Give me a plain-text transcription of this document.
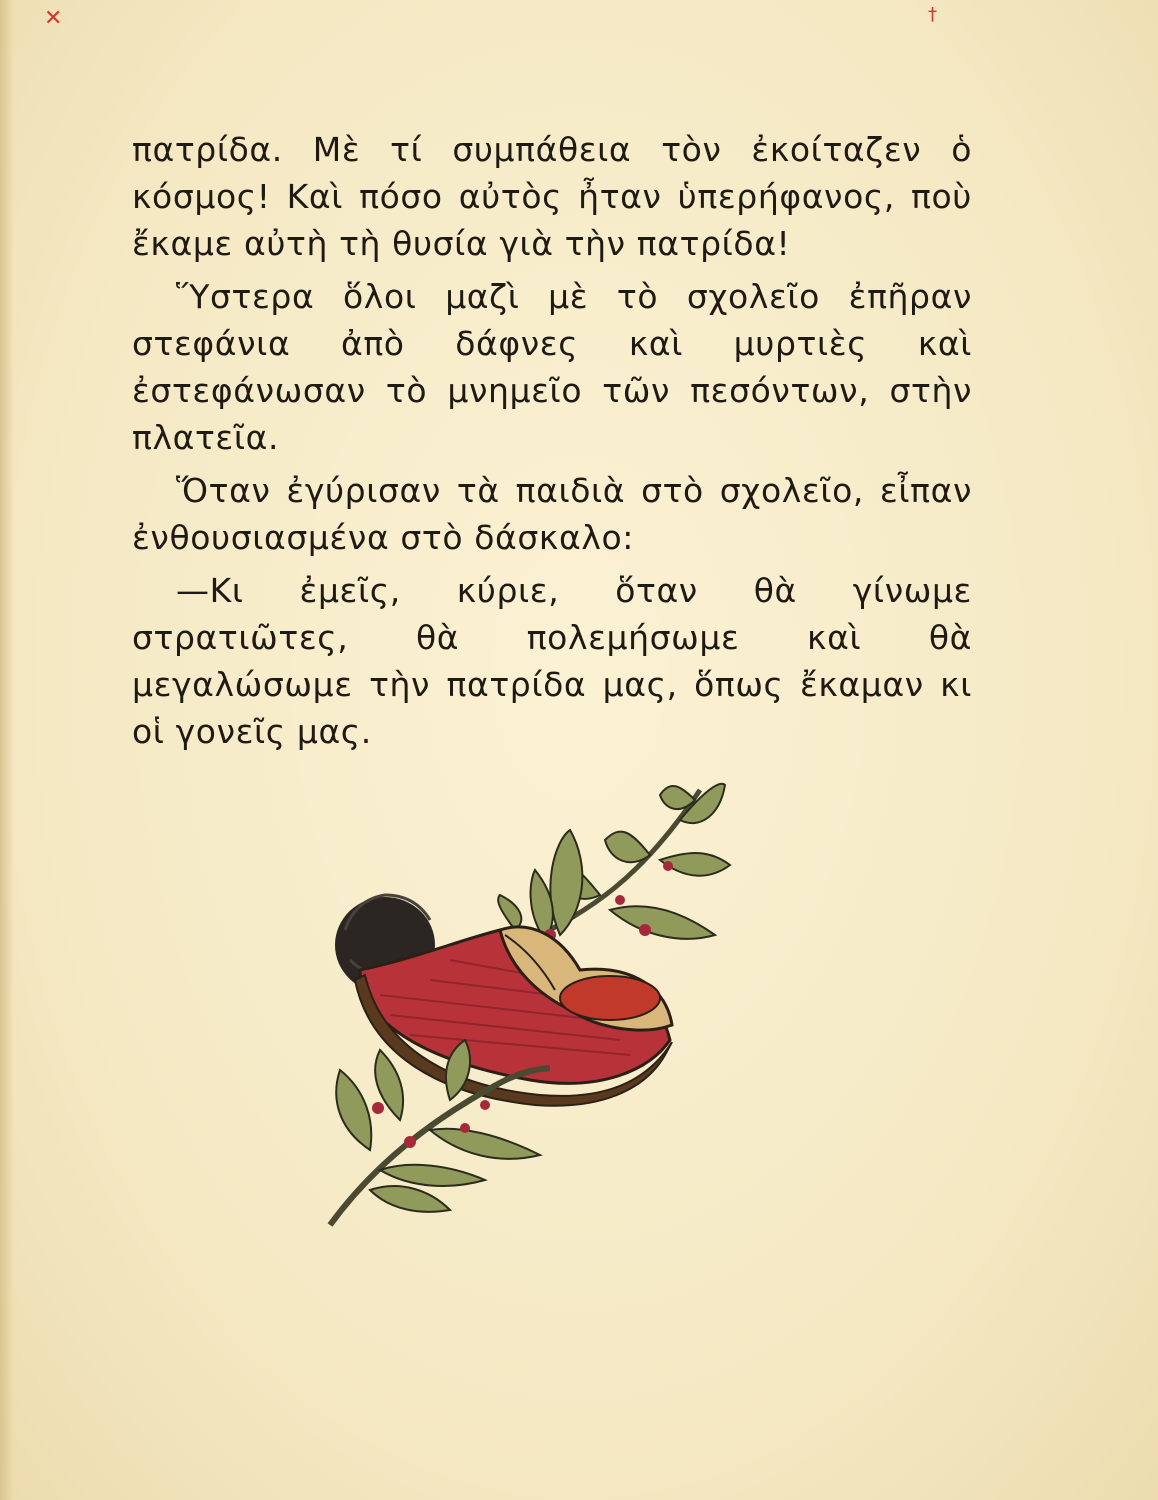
✕	†

πατρίδα. Μὲ τί συμπάθεια τὸν ἐκοίταζεν ὁ κόσμος! Καὶ πόσο αὐτὸς ἦταν ὑπερήφανος, ποὺ ἔκαμε αὐτὴ τὴ θυσία γιὰ τὴν πατρίδα!

Ὕστερα ὅλοι μαζὶ μὲ τὸ σχολεῖο ἐπῆραν στεφάνια ἀπὸ δάφνες καὶ μυρτιὲς καὶ ἐστεφάνωσαν τὸ μνημεῖο τῶν πεσόντων, στὴν πλατεῖα.

Ὅταν ἐγύρισαν τὰ παιδιὰ στὸ σχολεῖο, εἶπαν ἐνθουσιασμένα στὸ δάσκαλο:

—Κι ἐμεῖς, κύριε, ὅταν θὰ γίνωμε στρατιῶτες, θὰ πολεμήσωμε καὶ θὰ μεγαλώσωμε τὴν πατρίδα μας, ὅπως ἔκαμαν κι οἱ γονεῖς μας.
